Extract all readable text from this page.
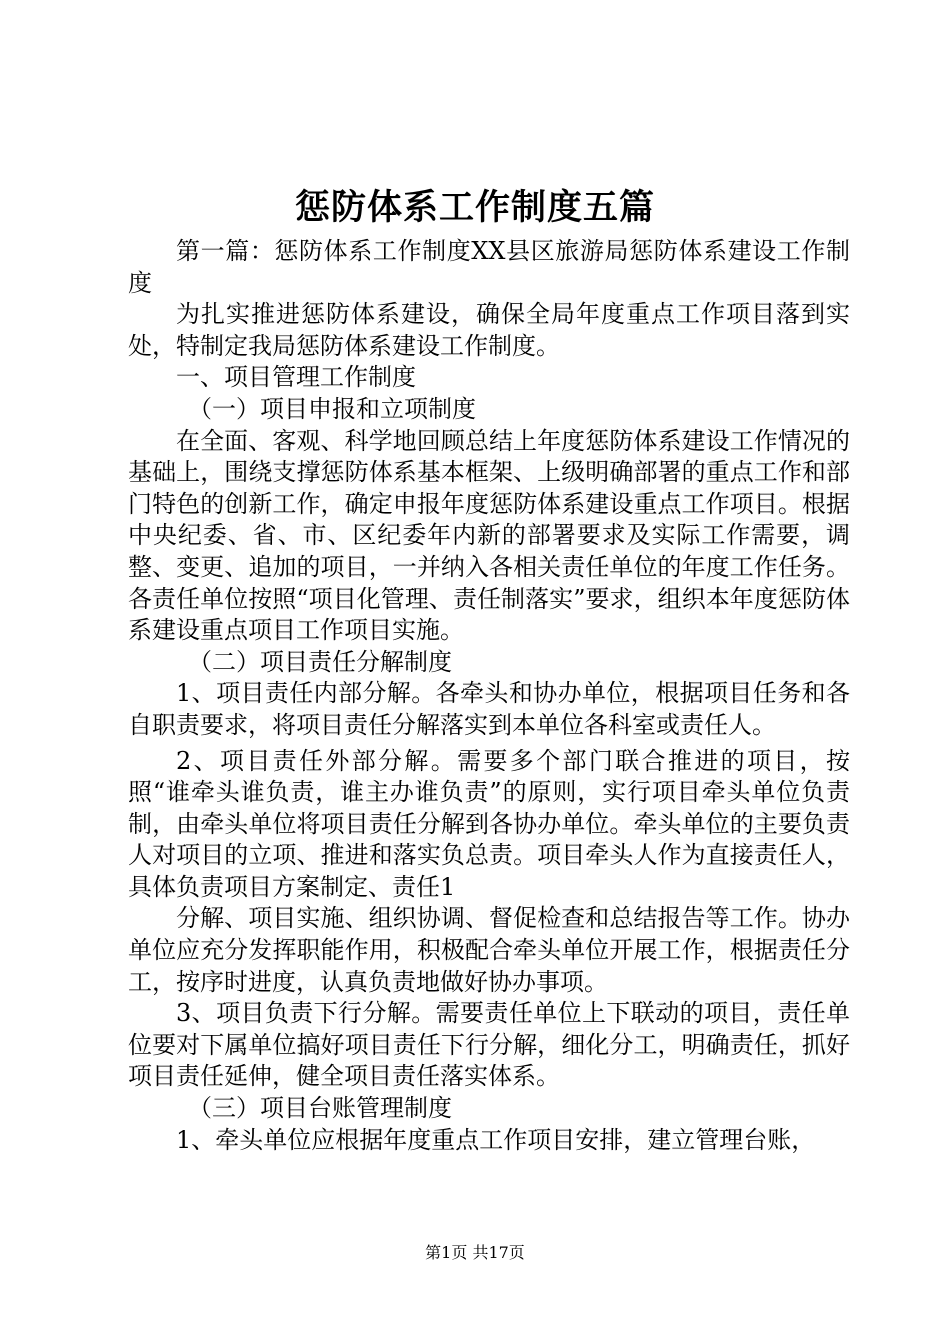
惩防体系工作制度五篇

第一篇：惩防体系工作制度XX县区旅游局惩防体系建设工作制度

为扎实推进惩防体系建设，确保全局年度重点工作项目落到实处，特制定我局惩防体系建设工作制度。

一、项目管理工作制度

（一）项目申报和立项制度

在全面、客观、科学地回顾总结上年度惩防体系建设工作情况的基础上，围绕支撑惩防体系基本框架、上级明确部署的重点工作和部门特色的创新工作，确定申报年度惩防体系建设重点工作项目。根据中央纪委、省、市、区纪委年内新的部署要求及实际工作需要，调整、变更、追加的项目，一并纳入各相关责任单位的年度工作任务。各责任单位按照“项目化管理、责任制落实”要求，组织本年度惩防体系建设重点项目工作项目实施。

（二）项目责任分解制度

1、项目责任内部分解。各牵头和协办单位，根据项目任务和各自职责要求，将项目责任分解落实到本单位各科室或责任人。

2、项目责任外部分解。需要多个部门联合推进的项目，按照“谁牵头谁负责，谁主办谁负责”的原则，实行项目牵头单位负责制，由牵头单位将项目责任分解到各协办单位。牵头单位的主要负责人对项目的立项、推进和落实负总责。项目牵头人作为直接责任人，具体负责项目方案制定、责任1

分解、项目实施、组织协调、督促检查和总结报告等工作。协办单位应充分发挥职能作用，积极配合牵头单位开展工作，根据责任分工，按序时进度，认真负责地做好协办事项。

3、项目负责下行分解。需要责任单位上下联动的项目，责任单位要对下属单位搞好项目责任下行分解，细化分工，明确责任，抓好项目责任延伸，健全项目责任落实体系。

（三）项目台账管理制度

1、牵头单位应根据年度重点工作项目安排，建立管理台账，

第1页 共17页
